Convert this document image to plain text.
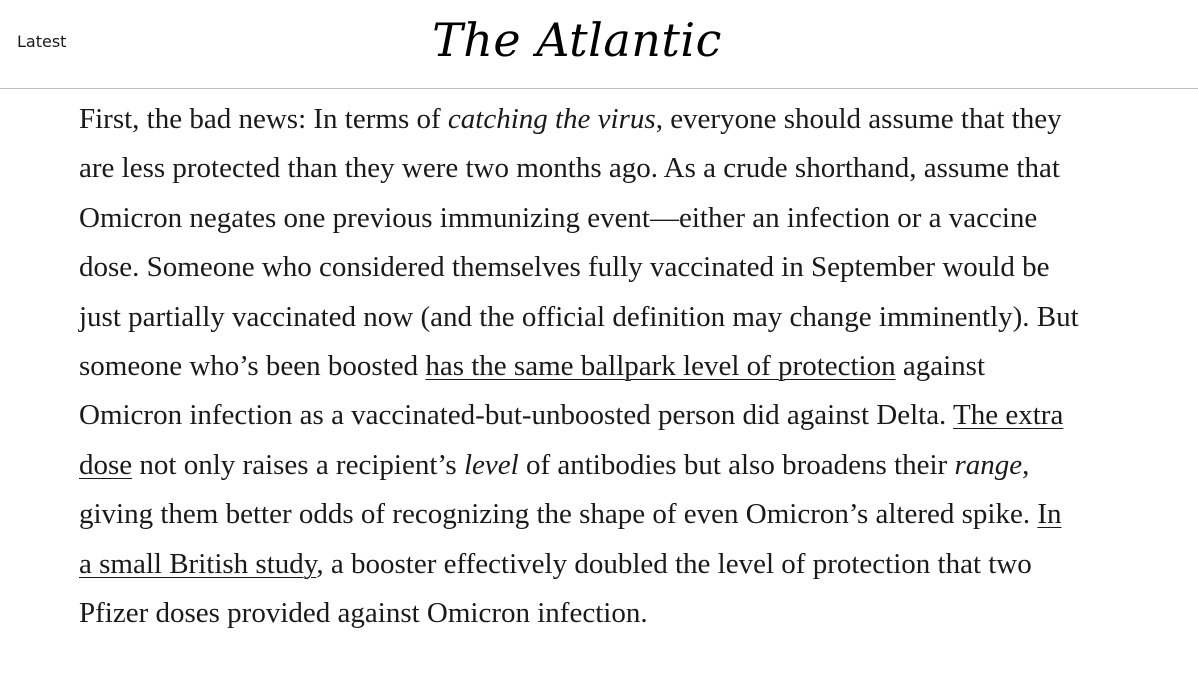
Latest	The Atlantic

First, the bad news: In terms of catching the virus, everyone should assume that they are less protected than they were two months ago. As a crude shorthand, assume that Omicron negates one previous immunizing event—either an infection or a vaccine dose. Someone who considered themselves fully vaccinated in September would be just partially vaccinated now (and the official definition may change imminently). But someone who’s been boosted has the same ballpark level of protection against Omicron infection as a vaccinated-but-unboosted person did against Delta. The extra dose not only raises a recipient’s level of antibodies but also broadens their range, giving them better odds of recognizing the shape of even Omicron’s altered spike. In a small British study, a booster effectively doubled the level of protection that two Pfizer doses provided against Omicron infection.
